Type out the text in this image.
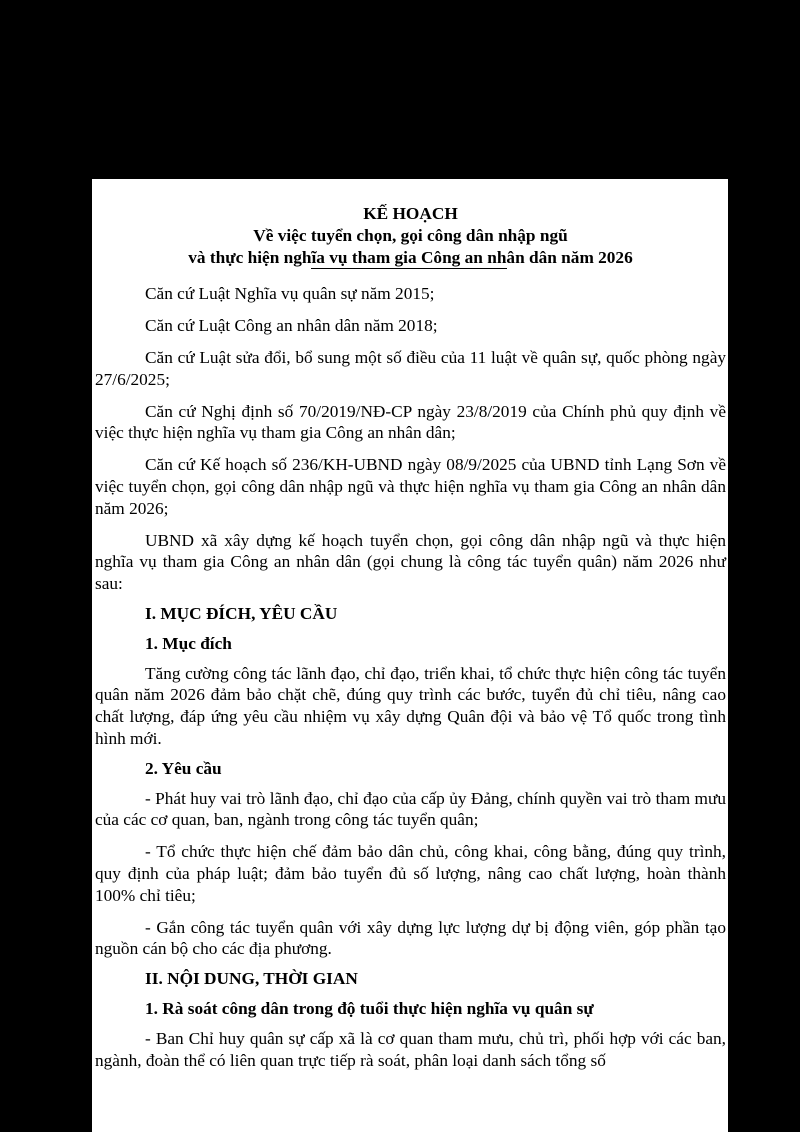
KẾ HOẠCH

Về việc tuyển chọn, gọi công dân nhập ngũ

và thực hiện nghĩa vụ tham gia Công an nhân dân năm 2026

Căn cứ Luật Nghĩa vụ quân sự năm 2015;

Căn cứ Luật Công an nhân dân năm 2018;

Căn cứ Luật sửa đổi, bổ sung một số điều của 11 luật về quân sự, quốc phòng ngày 27/6/2025;

Căn cứ Nghị định số 70/2019/NĐ-CP ngày 23/8/2019 của Chính phủ quy định về việc thực hiện nghĩa vụ tham gia Công an nhân dân;

Căn cứ Kế hoạch số 236/KH-UBND ngày 08/9/2025 của UBND tỉnh Lạng Sơn về việc tuyển chọn, gọi công dân nhập ngũ và thực hiện nghĩa vụ tham gia Công an nhân dân năm 2026;

UBND xã xây dựng kế hoạch tuyển chọn, gọi công dân nhập ngũ và thực hiện nghĩa vụ tham gia Công an nhân dân (gọi chung là công tác tuyển quân) năm 2026 như sau:

I. MỤC ĐÍCH, YÊU CẦU

1. Mục đích

Tăng cường công tác lãnh đạo, chỉ đạo, triển khai, tổ chức thực hiện công tác tuyển quân năm 2026 đảm bảo chặt chẽ, đúng quy trình các bước, tuyển đủ chỉ tiêu, nâng cao chất lượng, đáp ứng yêu cầu nhiệm vụ xây dựng Quân đội và bảo vệ Tổ quốc trong tình hình mới.

2. Yêu cầu

- Phát huy vai trò lãnh đạo, chỉ đạo của cấp ủy Đảng, chính quyền vai trò tham mưu của các cơ quan, ban, ngành trong công tác tuyển quân;

- Tổ chức thực hiện chế đảm bảo dân chủ, công khai, công bằng, đúng quy trình, quy định của pháp luật; đảm bảo tuyển đủ số lượng, nâng cao chất lượng, hoàn thành 100% chỉ tiêu;

- Gắn công tác tuyển quân với xây dựng lực lượng dự bị động viên, góp phần tạo nguồn cán bộ cho các địa phương.

II. NỘI DUNG, THỜI GIAN

1. Rà soát công dân trong độ tuổi thực hiện nghĩa vụ quân sự

- Ban Chỉ huy quân sự cấp xã là cơ quan tham mưu, chủ trì, phối hợp với các ban, ngành, đoàn thể có liên quan trực tiếp rà soát, phân loại danh sách tổng số
